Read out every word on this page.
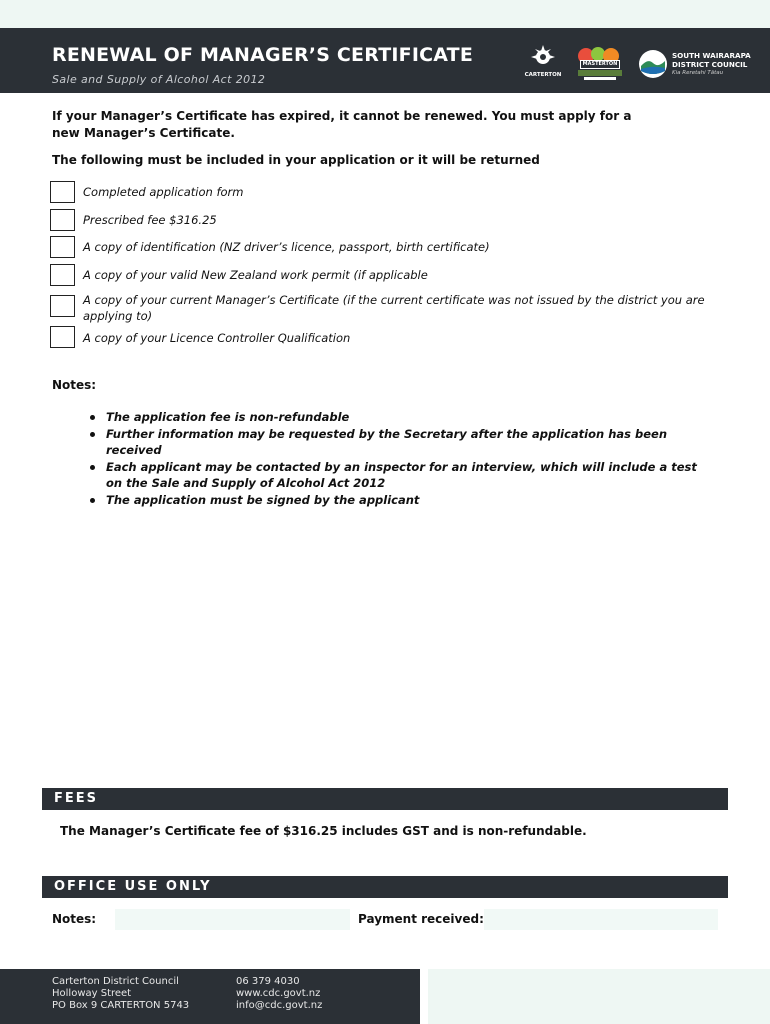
RENEWAL OF MANAGER’S CERTIFICATE
Sale and Supply of Alcohol Act 2012	CARTERTON
MASTERTON
SOUTH WAIRARAPA
DISTRICT COUNCIL
Kia Reretahi Tātau
If your Manager’s Certificate has expired, it cannot be renewed. You must apply for a new Manager’s Certificate.
The following must be included in your application or it will be returned
Completed application form
Prescribed fee $316.25
A copy of identification (NZ driver’s licence, passport, birth certificate)
A copy of your valid New Zealand work permit (if applicable
A copy of your current Manager’s Certificate (if the current certificate was not issued by the district you are applying to)
A copy of your Licence Controller Qualification
Notes:
The application fee is non-refundable
Further information may be requested by the Secretary after the application has been received
Each applicant may be contacted by an inspector for an interview, which will include a test on the Sale and Supply of Alcohol Act 2012
The application must be signed by the applicant
FEES
The Manager’s Certificate fee of $316.25 includes GST and is non-refundable.
OFFICE USE ONLY
Notes:	Payment received:
Carterton District Council
Holloway Street
PO Box 9 CARTERTON 5743
06 379 4030
www.cdc.govt.nz
info@cdc.govt.nz
